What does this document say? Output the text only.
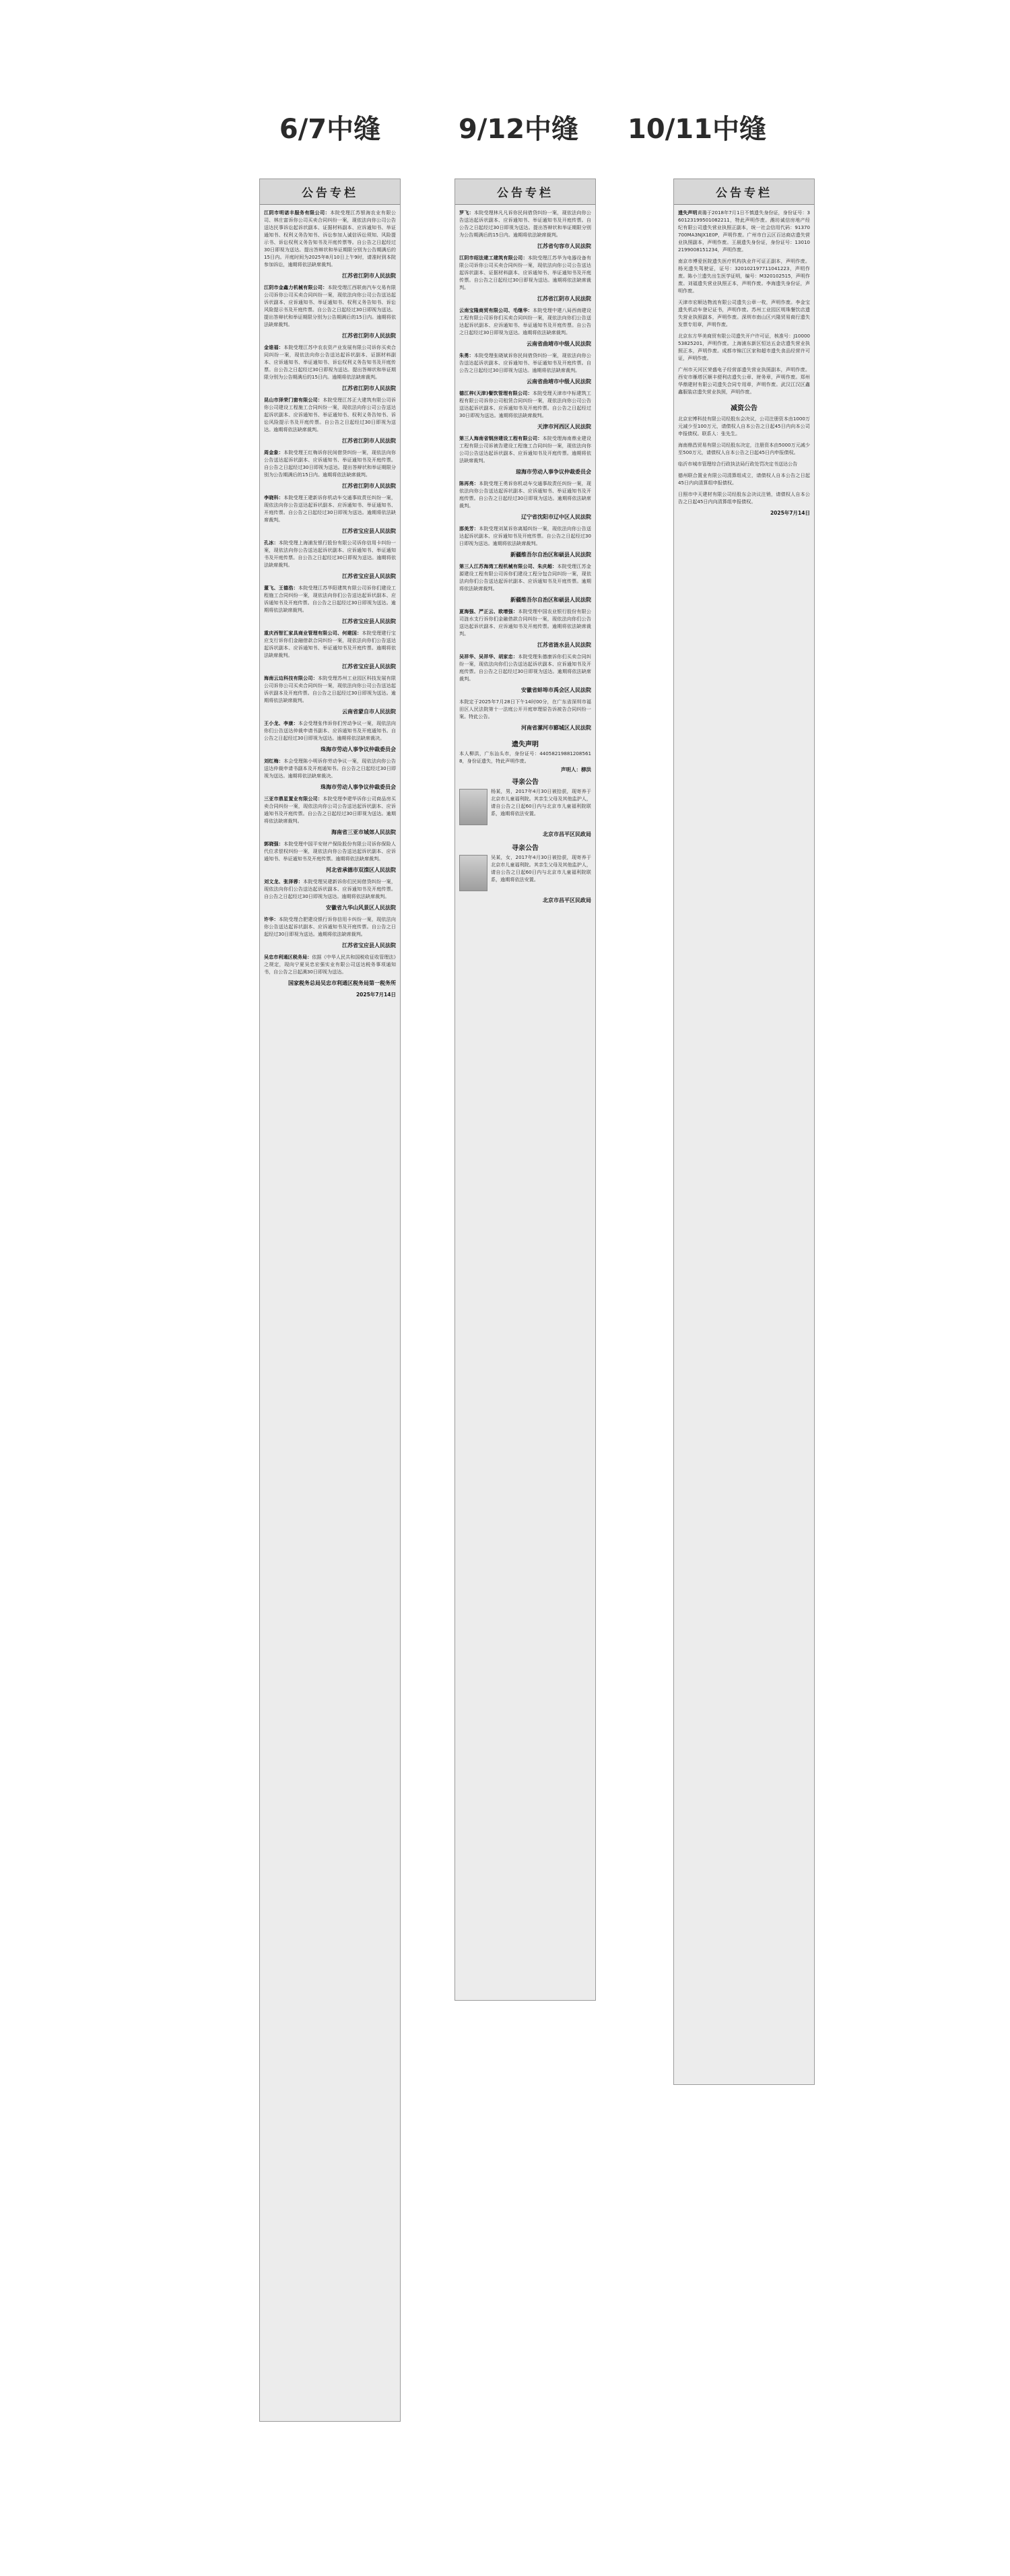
6/7中缝	9/12中缝	10/11中缝
公告专栏

江阴市明诺丰服务有限公司：本院受理江苏银海农业有限公司、林庄富诉你公司买卖合同纠纷一案，现依法向你公司公告送达民事诉讼起诉状副本、证据材料副本、应诉通知书、举证通知书、权利义务告知书、诉讼参加人诚信诉讼须知、风险提示书、诉讼权利义务告知书及开庭传票等。自公告之日起经过30日即视为送达。提出答辩状和举证期限分别为公告期满后的15日内。开庭时间为2025年8月10日上午9时，请准时到本院参加诉讼，逾期将依法缺席裁判。

江苏省江阴市人民法院

江阴市金鑫力机械有限公司：本院受理江西联南汽车交易有限公司诉你公司买卖合同纠纷一案，现依法向你公司公告送达起诉状副本、应诉通知书、举证通知书、权利义务告知书、诉讼风险提示书及开庭传票。自公告之日起经过30日即视为送达。提出答辩状和举证期限分别为公告期满后的15日内。逾期将依法缺席裁判。

江苏省江阴市人民法院

金谁福：本院受理江苏中农农资产业发展有限公司诉你买卖合同纠纷一案，现依法向你公告送达起诉状副本、证据材料副本、应诉通知书、举证通知书、诉讼权利义务告知书及开庭传票。自公告之日起经过30日即视为送达。提出答辩状和举证期限分别为公告期满后的15日内。逾期将依法缺席裁判。

江苏省江阴市人民法院

昆山市泽荣门窗有限公司：本院受理江苏正大建筑有限公司诉你公司建设工程施工合同纠纷一案，现依法向你公司公告送达起诉状副本、应诉通知书、举证通知书、权利义务告知书、诉讼风险提示书及开庭传票。自公告之日起经过30日即视为送达。逾期将依法缺席裁判。

江苏省江阴市人民法院

周金象：本院受理王红梅诉你民间借贷纠纷一案，现依法向你公告送达起诉状副本、应诉通知书、举证通知书及开庭传票。自公告之日起经过30日即视为送达。提出答辩状和举证期限分别为公告期满后的15日内。逾期将依法缺席裁判。

江苏省江阴市人民法院

李晓科：本院受理王建新诉你机动车交通事故责任纠纷一案，现依法向你公告送达起诉状副本、应诉通知书、举证通知书、开庭传票。自公告之日起经过30日即视为送达。逾期将依法缺席裁判。

江苏省宝应县人民法院

孔冰：本院受理上海浦发银行股份有限公司诉你信用卡纠纷一案，现依法向你公告送达起诉状副本、应诉通知书、举证通知书及开庭传票。自公告之日起经过30日即视为送达。逾期将依法缺席裁判。

江苏省宝应县人民法院

董飞、王德浩：本院受理江苏华阳建筑有限公司诉你们建设工程施工合同纠纷一案，现依法向你们公告送达起诉状副本、应诉通知书及开庭传票。自公告之日起经过30日即视为送达。逾期将依法缺席裁判。

江苏省宝应县人民法院

重庆西智汇家具商业管理有限公司、何建国：本院受理建行宝应支行诉你们金融借款合同纠纷一案，现依法向你们公告送达起诉状副本、应诉通知书、举证通知书及开庭传票。逾期将依法缺席裁判。

江苏省宝应县人民法院

海南云边科技有限公司：本院受理苏州工业园区科技发展有限公司诉你公司买卖合同纠纷一案，现依法向你公司公告送达起诉状副本及开庭传票。自公告之日起经过30日即视为送达。逾期将依法缺席裁判。

云南省蒙自市人民法院

王小龙、李康：本会受理张伟诉你们劳动争议一案，现依法向你们公告送达仲裁申请书副本、应诉通知书及开庭通知书。自公告之日起经过30日即视为送达。逾期将依法缺席裁决。

珠海市劳动人事争议仲裁委员会

刘红梅：本会受理陈小明诉你劳动争议一案，现依法向你公告送达仲裁申请书副本及开庭通知书。自公告之日起经过30日即视为送达。逾期将依法缺席裁决。

珠海市劳动人事争议仲裁委员会

三亚市鼎星置业有限公司：本院受理李建华诉你公司商品房买卖合同纠纷一案，现依法向你公司公告送达起诉状副本、应诉通知书及开庭传票。自公告之日起经过30日即视为送达。逾期将依法缺席裁判。

海南省三亚市城郊人民法院

郭晓强：本院受理中国平安财产保险股份有限公司诉你保险人代位求偿权纠纷一案，现依法向你公告送达起诉状副本、应诉通知书、举证通知书及开庭传票。逾期将依法缺席裁判。

河北省承德市双滦区人民法院

刘文龙、张泽蓉：本院受理吴建新诉你们民间借贷纠纷一案，现依法向你们公告送达起诉状副本、应诉通知书及开庭传票。自公告之日起经过30日即视为送达。逾期将依法缺席裁判。

安徽省九华山风景区人民法院

许华：本院受理合肥建设银行诉你信用卡纠纷一案，现依法向你公告送达起诉状副本、应诉通知书及开庭传票。自公告之日起经过30日即视为送达。逾期将依法缺席裁判。

江苏省宝应县人民法院

吴忠市利通区税务局：依据《中华人民共和国税收征收管理法》之规定，现向宁夏吴忠宏强实业有限公司送达税务事项通知书，自公告之日起满30日即视为送达。

国家税务总局吴忠市利通区税务局第一税务所
2025年7月14日
公告专栏

罗飞：本院受理林凡凡诉你民间借贷纠纷一案，现依法向你公告送达起诉状副本、应诉通知书、举证通知书及开庭传票。自公告之日起经过30日即视为送达。提出答辩状和举证期限分别为公告期满后的15日内。逾期将依法缺席裁判。

江苏省句容市人民法院

江阴市绍法建工建筑有限公司：本院受理江苏华为电器设备有限公司诉你公司买卖合同纠纷一案，现依法向你公司公告送达起诉状副本、证据材料副本、应诉通知书、举证通知书及开庭传票。自公告之日起经过30日即视为送达。逾期将依法缺席裁判。

江苏省江阴市人民法院

云南宝隆商贸有限公司、毛继华：本院受理中建八局西南建设工程有限公司诉你们买卖合同纠纷一案，现依法向你们公告送达起诉状副本、应诉通知书、举证通知书及开庭传票。自公告之日起经过30日即视为送达。逾期将依法缺席裁判。

云南省曲靖市中级人民法院

朱勇：本院受理张晓斌诉你民间借贷纠纷一案，现依法向你公告送达起诉状副本、应诉通知书、举证通知书及开庭传票。自公告之日起经过30日即视为送达。逾期将依法缺席裁判。

云南省曲靖市中级人民法院

德江梓(天津)餐饮管理有限公司：本院受理天津市中标建筑工程有限公司诉你公司租赁合同纠纷一案，现依法向你公司公告送达起诉状副本、应诉通知书及开庭传票。自公告之日起经过30日即视为送达。逾期将依法缺席裁判。

天津市河西区人民法院

第三人海南省钢房建设工程有限公司：本院受理海南鼎业建设工程有限公司诉被告建设工程施工合同纠纷一案，现依法向你公司公告送达起诉状副本、应诉通知书及开庭传票。逾期将依法缺席裁判。

琼海市劳动人事争议仲裁委员会

陈再亮：本院受理王勇诉你机动车交通事故责任纠纷一案，现依法向你公告送达起诉状副本、应诉通知书、举证通知书及开庭传票。自公告之日起经过30日即视为送达。逾期将依法缺席裁判。

辽宁省沈阳市辽中区人民法院

那美芳：本院受理刘某诉你离婚纠纷一案，现依法向你公告送达起诉状副本、应诉通知书及开庭传票。自公告之日起经过30日即视为送达。逾期将依法缺席裁判。

新疆维吾尔自治区和硕县人民法院

第三人江苏海湾工程机械有限公司、朱庆超：本院受理江苏金源建设工程有限公司诉你们建设工程分包合同纠纷一案，现依法向你们公告送达起诉状副本、应诉通知书及开庭传票。逾期将依法缺席裁判。

新疆维吾尔自治区和硕县人民法院

夏海强、严正云、欧增强：本院受理中国农业银行股份有限公司涟水支行诉你们金融借款合同纠纷一案，现依法向你们公告送达起诉状副本、应诉通知书及开庭传票。逾期将依法缺席裁判。

江苏省涟水县人民法院

吴祥华、吴祥华、胡家忠：本院受理朱德康诉你们买卖合同纠纷一案，现依法向你们公告送达起诉状副本、应诉通知书及开庭传票。自公告之日起经过30日即视为送达。逾期将依法缺席裁判。

安徽省蚌埠市禹会区人民法院

本院定于2025年7月28日下午14时00分，在广东省深圳市福田区人民法院第十一法庭公开开庭审理原告诉被告合同纠纷一案。特此公告。

河南省漯河市郾城区人民法院
遗失声明

本人柳洪，广东汕头市，身份证号：440582198812085618，身份证遗失，特此声明作废。

声明人：柳洪
寻亲公告

杨某，男，2017年4月30日被拾获，现寄养于北京市儿童福利院。其亲生父母及其他监护人，请自公告之日起60日内与北京市儿童福利院联系，逾期将依法安置。

北京市昌平区民政局
寻亲公告

吴某，女，2017年4月30日被拾获，现寄养于北京市儿童福利院。其亲生父母及其他监护人，请自公告之日起60日内与北京市儿童福利院联系，逾期将依法安置。

北京市昌平区民政局
公告专栏

遗失声明黄璐于2018年7月1日不慎遗失身份证，身份证号：360123199501082211，特此声明作废。潍坊诚信房地产经纪有限公司遗失营业执照正副本，统一社会信用代码：91370700MA3NJX1E0P，声明作废。广州市白云区百达商店遗失营业执照副本，声明作废。王晨遗失身份证，身份证号：130102199008151234，声明作废。

南京市博爱医院遗失医疗机构执业许可证正副本，声明作废。杨光遗失驾驶证，证号：320102197711041223，声明作废。陈小兰遗失出生医学证明，编号：M320102515，声明作废。刘福遗失营业执照正本，声明作废。李海遗失身份证，声明作废。

天津市宏顺达物流有限公司遗失公章一枚，声明作废。李金宝遗失机动车登记证书，声明作废。苏州工业园区明珠餐饮店遗失营业执照副本，声明作废。深圳市南山区兴隆贸易商行遗失发票专用章，声明作废。

北京东方华美商贸有限公司遗失开户许可证，核准号：J1000053825201，声明作废。上海浦东新区恒达五金店遗失营业执照正本，声明作废。成都市锦江区家和超市遗失食品经营许可证，声明作废。

广州市天河区荣盛电子经营部遗失营业执照副本，声明作废。西安市雁塔区顺丰便利店遗失公章、财务章，声明作废。郑州华鼎建材有限公司遗失合同专用章，声明作废。武汉江汉区鑫鑫服装店遗失营业执照，声明作废。

减资公告

北京宏博科技有限公司经股东会决议，公司注册资本由1000万元减少至100万元，请债权人自本公告之日起45日内向本公司申报债权。联系人：张先生。

海南鼎昌贸易有限公司经股东决定，注册资本由5000万元减少至500万元，请债权人自本公告之日起45日内申报债权。

临沂市城市管理综合行政执法局行政处罚决定书送达公告

德州联合置业有限公司清算组成立，请债权人自本公告之日起45日内向清算组申报债权。

日照市中天建材有限公司经股东会决议注销，请债权人自本公告之日起45日内向清算组申报债权。

2025年7月14日
